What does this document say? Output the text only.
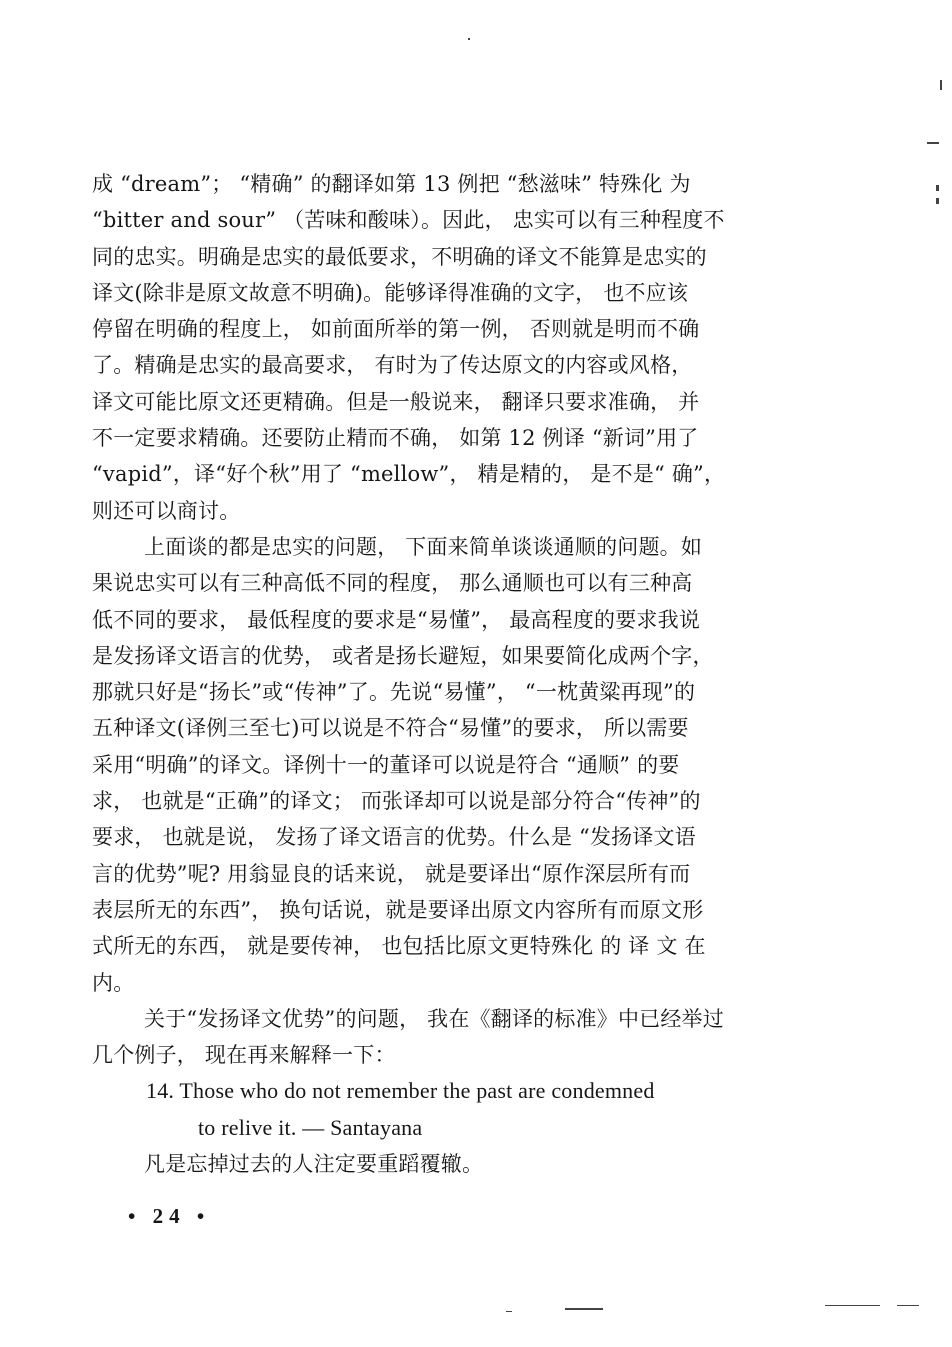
成 “dream”； “精确” 的翻译如第 13 例把 “愁滋味” 特殊化 为
“bitter and sour” （苦味和酸味）。因此， 忠实可以有三种程度不
同的忠实。明确是忠实的最低要求，不明确的译文不能算是忠实的
译文(除非是原文故意不明确)。能够译得准确的文字， 也不应该
停留在明确的程度上， 如前面所举的第一例， 否则就是明而不确
了。精确是忠实的最高要求， 有时为了传达原文的内容或风格，
译文可能比原文还更精确。但是一般说来， 翻译只要求准确， 并
不一定要求精确。还要防止精而不确， 如第 12 例译 “新词”用了
“vapid”，译“好个秋”用了 “mellow”， 精是精的， 是不是“ 确”，
则还可以商讨。

上面谈的都是忠实的问题， 下面来简单谈谈通顺的问题。如
果说忠实可以有三种高低不同的程度， 那么通顺也可以有三种高
低不同的要求， 最低程度的要求是“易懂”， 最高程度的要求我说
是发扬译文语言的优势， 或者是扬长避短，如果要简化成两个字，
那就只好是“扬长”或“传神”了。先说“易懂”， “一枕黄粱再现”的
五种译文(译例三至七)可以说是不符合“易懂”的要求， 所以需要
采用“明确”的译文。译例十一的董译可以说是符合 “通顺” 的要
求， 也就是“正确”的译文； 而张译却可以说是部分符合“传神”的
要求， 也就是说， 发扬了译文语言的优势。什么是 “发扬译文语
言的优势”呢? 用翁显良的话来说， 就是要译出“原作深层所有而
表层所无的东西”， 换句话说，就是要译出原文内容所有而原文形
式所无的东西， 就是要传神， 也包括比原文更特殊化 的 译 文 在
内。

关于“发扬译文优势”的问题， 我在《翻译的标准》中已经举过
几个例子， 现在再来解释一下：

14. Those who do not remember the past are condemned
to relive it. — Santayana

凡是忘掉过去的人注定要重蹈覆辙。

• 24 •
